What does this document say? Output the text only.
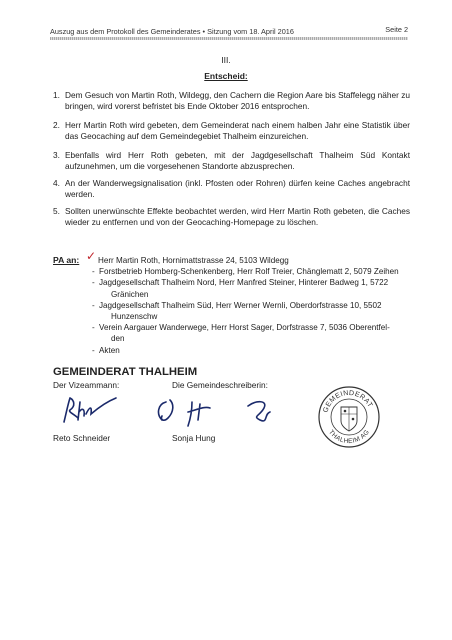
Auszug aus dem Protokoll des Gemeinderates • Sitzung vom 18. April 2016	Seite 2
III.
Entscheid:
1. Dem Gesuch von Martin Roth, Wildegg, den Cachern die Region Aare bis Staffelegg näher zu bringen, wird vorerst befristet bis Ende Oktober 2016 entsprochen.
2. Herr Martin Roth wird gebeten, dem Gemeinderat nach einem halben Jahr eine Statistik über das Geocaching auf dem Gemeindegebiet Thalheim einzureichen.
3. Ebenfalls wird Herr Roth gebeten, mit der Jagdgesellschaft Thalheim Süd Kontakt aufzunehmen, um die vorgesehenen Standorte abzusprechen.
4. An der Wanderwegsignalisation (inkl. Pfosten oder Rohren) dürfen keine Caches angebracht werden.
5. Sollten unerwünschte Effekte beobachtet werden, wird Herr Martin Roth gebeten, die Caches wieder zu entfernen und von der Geocaching-Homepage zu löschen.
PA an: ✓ Herr Martin Roth, Hornimattstrasse 24, 5103 Wildegg
- Forstbetrieb Homberg-Schenkenberg, Herr Rolf Treier, Chänglematt 2, 5079 Zeihen
- Jagdgesellschaft Thalheim Nord, Herr Manfred Steiner, Hinterer Badweg 1, 5722
Gränichen
- Jagdgesellschaft Thalheim Süd, Herr Werner Wernli, Oberdorfstrasse 10, 5502
Hunzenschw
- Verein Aargauer Wanderwege, Herr Horst Sager, Dorfstrasse 7, 5036 Oberentfel-
den
- Akten
GEMEINDERAT THALHEIM
Der Vizeammann:	Die Gemeindeschreiberin:
Reto Schneider	Sonja Hung
GEMEINDERAT
THALHEIM AG
